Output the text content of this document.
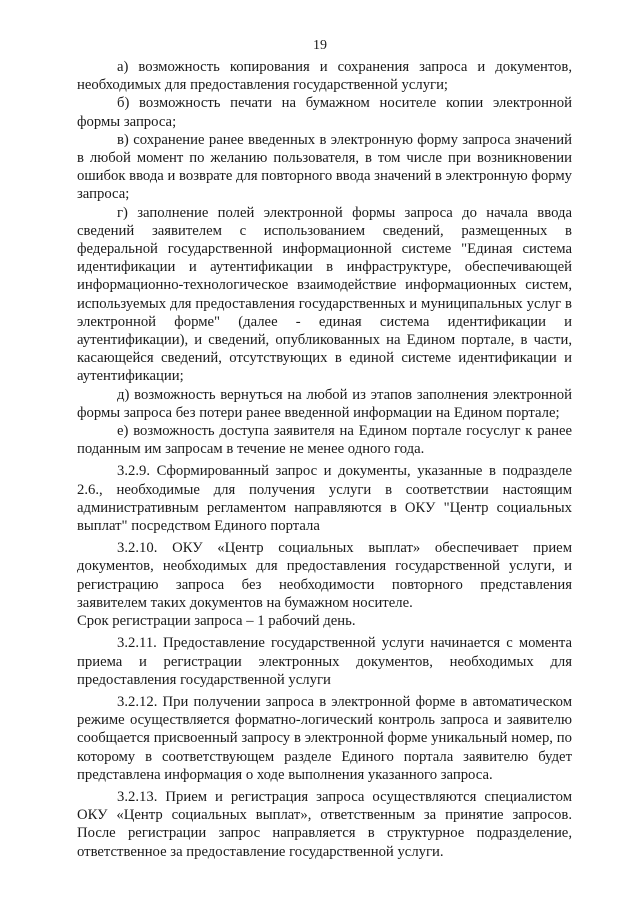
19

а) возможность копирования и сохранения запроса и документов, необходимых для предоставления государственной услуги;

б) возможность печати на бумажном носителе копии электронной формы запроса;

в) сохранение ранее введенных в электронную форму запроса значений в любой момент по желанию пользователя, в том числе при возникновении ошибок ввода и возврате для повторного ввода значений в электронную форму запроса;

г) заполнение полей электронной формы запроса до начала ввода сведений заявителем с использованием сведений, размещенных в федеральной государственной информационной системе "Единая система идентификации и аутентификации в инфраструктуре, обеспечивающей информационно-технологическое взаимодействие информационных систем, используемых для предоставления государственных и муниципальных услуг в электронной форме" (далее - единая система идентификации и аутентификации), и сведений, опубликованных на Едином портале, в части, касающейся сведений, отсутствующих в единой системе идентификации и аутентификации;

д) возможность вернуться на любой из этапов заполнения электронной формы запроса без потери ранее введенной информации на Едином портале;

е) возможность доступа заявителя на Едином портале госуслуг к ранее поданным им запросам в течение не менее одного года.

3.2.9. Сформированный запрос и документы, указанные в подразделе 2.6., необходимые для получения услуги в соответствии настоящим административным регламентом направляются в ОКУ "Центр социальных выплат" посредством Единого портала

3.2.10. ОКУ «Центр социальных выплат» обеспечивает прием документов, необходимых для предоставления государственной услуги, и регистрацию запроса без необходимости повторного представления заявителем таких документов на бумажном носителе.

Срок регистрации запроса – 1 рабочий день.

3.2.11. Предоставление государственной услуги начинается с момента приема и регистрации электронных документов, необходимых для предоставления государственной услуги

3.2.12. При получении запроса в электронной форме в автоматическом режиме осуществляется форматно-логический контроль запроса и заявителю сообщается присвоенный запросу в электронной форме уникальный номер, по которому в соответствующем разделе Единого портала заявителю будет представлена информация о ходе выполнения указанного запроса.

3.2.13. Прием и регистрация запроса осуществляются специалистом ОКУ «Центр социальных выплат», ответственным за принятие запросов. После регистрации запрос направляется в структурное подразделение, ответственное за предоставление государственной услуги.
